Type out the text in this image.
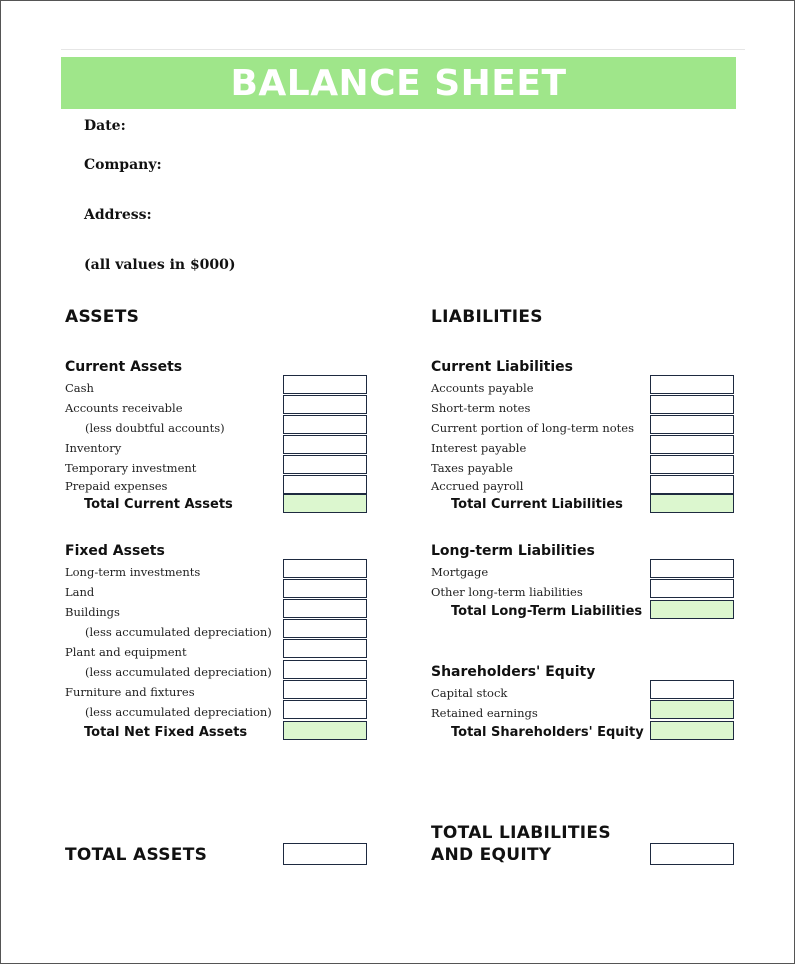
BALANCE SHEET
Date:
Company:
Address:
(all values in $000)
ASSETS
Current Assets
Cash
Accounts receivable
(less doubtful accounts)
Inventory
Temporary investment
Prepaid expenses
Total Current Assets
Fixed Assets
Long-term investments
Land
Buildings
(less accumulated depreciation)
Plant and equipment
(less accumulated depreciation)
Furniture and fixtures
(less accumulated depreciation)
Total Net Fixed Assets
TOTAL ASSETS
LIABILITIES
Current Liabilities
Accounts payable
Short-term notes
Current portion of long-term notes
Interest payable
Taxes payable
Accrued payroll
Total Current Liabilities
Long-term Liabilities
Mortgage
Other long-term liabilities
Total Long-Term Liabilities
Shareholders' Equity
Capital stock
Retained earnings
Total Shareholders' Equity
TOTAL LIABILITIES
AND EQUITY
